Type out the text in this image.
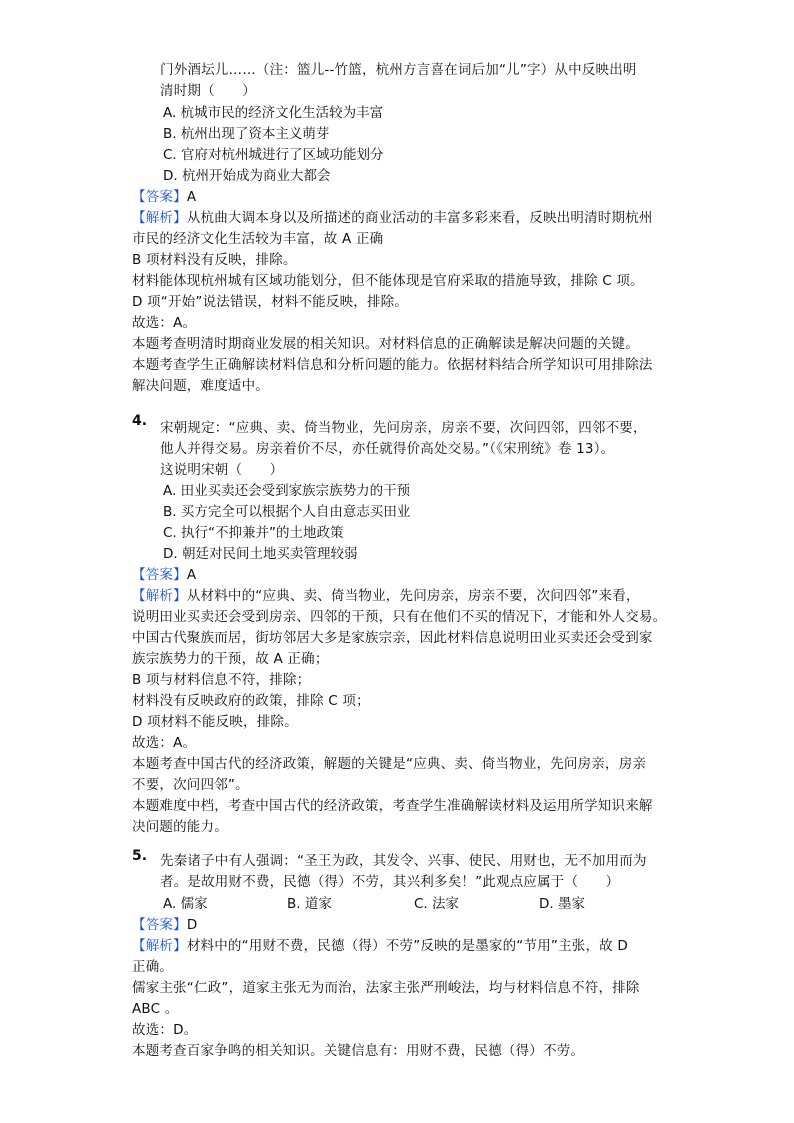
门外酒坛儿……（注：篮儿--竹篮，杭州方言喜在词后加“儿”字）从中反映出明
清时期（　　）
A. 杭城市民的经济文化生活较为丰富
B. 杭州出现了资本主义萌芽
C. 官府对杭州城进行了区域功能划分
D. 杭州开始成为商业大都会
【答案】A
【解析】从杭曲大调本身以及所描述的商业活动的丰富多彩来看，反映出明清时期杭州
市民的经济文化生活较为丰富，故 A 正确
B 项材料没有反映，排除。
材料能体现杭州城有区域功能划分，但不能体现是官府采取的措施导致，排除 C 项。
D 项“开始”说法错误，材料不能反映，排除。
故选：A。
本题考查明清时期商业发展的相关知识。对材料信息的正确解读是解决问题的关键。
本题考查学生正确解读材料信息和分析问题的能力。依据材料结合所学知识可用排除法
解决问题，难度适中。
4. 宋朝规定：“应典、卖、倚当物业，先问房亲，房亲不要，次问四邻，四邻不要，
他人并得交易。房亲着价不尽，亦任就得价高处交易。”（《宋刑统》卷 13）。
这说明宋朝（　　）
A. 田业买卖还会受到家族宗族势力的干预
B. 买方完全可以根据个人自由意志买田业
C. 执行“不抑兼并”的土地政策
D. 朝廷对民间土地买卖管理较弱
【答案】A
【解析】从材料中的“应典、卖、倚当物业，先问房亲，房亲不要，次问四邻”来看，
说明田业买卖还会受到房亲、四邻的干预，只有在他们不买的情况下，才能和外人交易。
中国古代聚族而居，街坊邻居大多是家族宗亲，因此材料信息说明田业买卖还会受到家
族宗族势力的干预，故 A 正确；
B 项与材料信息不符，排除；
材料没有反映政府的政策，排除 C 项；
D 项材料不能反映，排除。
故选：A。
本题考查中国古代的经济政策，解题的关键是“应典、卖、倚当物业，先问房亲，房亲
不要，次问四邻”。
本题难度中档，考查中国古代的经济政策，考查学生准确解读材料及运用所学知识来解
决问题的能力。
5. 先秦诸子中有人强调：“圣王为政，其发令、兴事、使民、用财也，无不加用而为
者。是故用财不费，民德（得）不劳，其兴利多矣！”此观点应属于（　　）
A. 儒家	B. 道家	C. 法家	D. 墨家
【答案】D
【解析】材料中的“用财不费，民德（得）不劳”反映的是墨家的“节用”主张，故 D
正确。
儒家主张“仁政”，道家主张无为而治，法家主张严刑峻法，均与材料信息不符，排除
ABC 。
故选：D。
本题考查百家争鸣的相关知识。关键信息有：用财不费，民德（得）不劳。
